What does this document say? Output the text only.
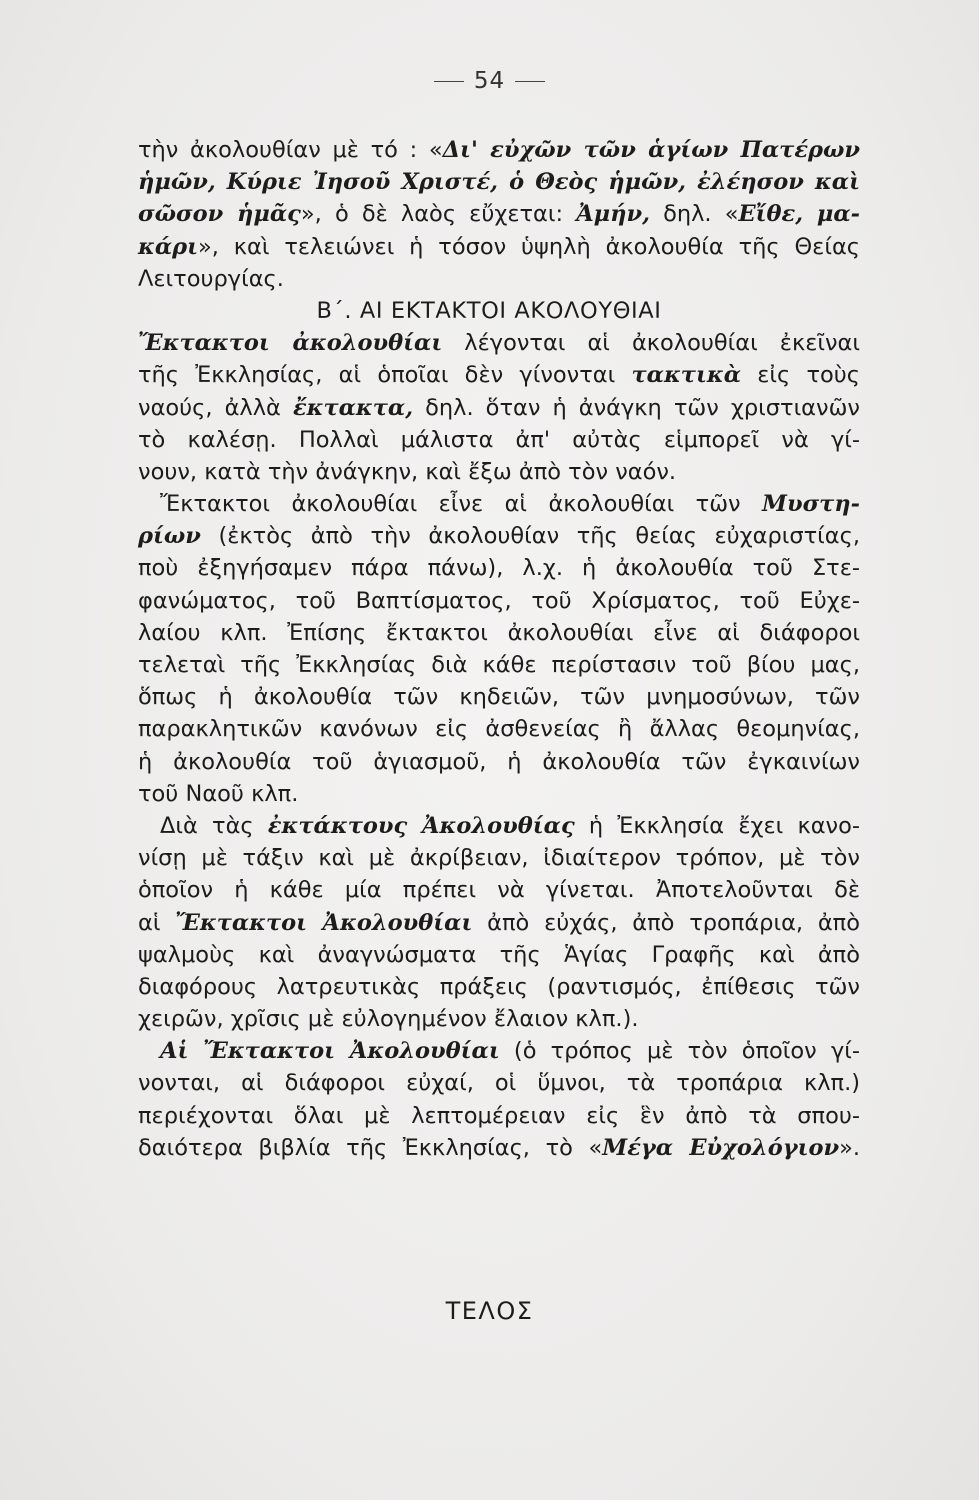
54
τὴν ἀκολουθίαν μὲ τό : «Δι' εὐχῶν τῶν ἁγίων Πατέρων
ἡμῶν, Κύριε Ἰησοῦ Χριστέ, ὁ Θεὸς ἡμῶν, ἐλέησον καὶ
σῶσον ἡμᾶς», ὁ δὲ λαὸς εὔχεται: Ἀμήν, δηλ. «Εἴθε, μα-
κάρι», καὶ τελειώνει ἡ τόσον ὑψηλὴ ἀκολουθία τῆς Θείας
Λειτουργίας.
Β΄. ΑΙ ΕΚΤΑΚΤΟΙ ΑΚΟΛΟΥΘΙΑΙ
Ἔκτακτοι ἀκολουθίαι λέγονται αἱ ἀκολουθίαι ἐκεῖναι
τῆς Ἐκκλησίας, αἱ ὁποῖαι δὲν γίνονται τακτικὰ εἰς τοὺς
ναούς, ἀλλὰ ἔκτακτα, δηλ. ὅταν ἡ ἀνάγκη τῶν χριστιανῶν
τὸ καλέσῃ. Πολλαὶ μάλιστα ἀπ' αὐτὰς εἱμπορεῖ νὰ γί-
νουν, κατὰ τὴν ἀνάγκην, καὶ ἔξω ἀπὸ τὸν ναόν.
Ἔκτακτοι ἀκολουθίαι εἶνε αἱ ἀκολουθίαι τῶν Μυστη-
ρίων (ἐκτὸς ἀπὸ τὴν ἀκολουθίαν τῆς θείας εὐχαριστίας,
ποὺ ἐξηγήσαμεν πάρα πάνω), λ.χ. ἡ ἀκολουθία τοῦ Στε-
φανώματος, τοῦ Βαπτίσματος, τοῦ Χρίσματος, τοῦ Εὐχε-
λαίου κλπ. Ἐπίσης ἔκτακτοι ἀκολουθίαι εἶνε αἱ διάφοροι
τελεταὶ τῆς Ἐκκλησίας διὰ κάθε περίστασιν τοῦ βίου μας,
ὅπως ἡ ἀκολουθία τῶν κηδειῶν, τῶν μνημοσύνων, τῶν
παρακλητικῶν κανόνων εἰς ἀσθενείας ἢ ἄλλας θεομηνίας,
ἡ ἀκολουθία τοῦ ἁγιασμοῦ, ἡ ἀκολουθία τῶν ἐγκαινίων
τοῦ Ναοῦ κλπ.
Διὰ τὰς ἐκτάκτους Ἀκολουθίας ἡ Ἐκκλησία ἔχει κανο-
νίσῃ μὲ τάξιν καὶ μὲ ἀκρίβειαν, ἰδιαίτερον τρόπον, μὲ τὸν
ὁποῖον ἡ κάθε μία πρέπει νὰ γίνεται. Ἀποτελοῦνται δὲ
αἱ Ἔκτακτοι Ἀκολουθίαι ἀπὸ εὐχάς, ἀπὸ τροπάρια, ἀπὸ
ψαλμοὺς καὶ ἀναγνώσματα τῆς Ἁγίας Γραφῆς καὶ ἀπὸ
διαφόρους λατρευτικὰς πράξεις (ραντισμός, ἐπίθεσις τῶν
χειρῶν, χρῖσις μὲ εὐλογημένον ἔλαιον κλπ.).
Αἱ Ἔκτακτοι Ἀκολουθίαι (ὁ τρόπος μὲ τὸν ὁποῖον γί-
νονται, αἱ διάφοροι εὐχαί, οἱ ὕμνοι, τὰ τροπάρια κλπ.)
περιέχονται ὅλαι μὲ λεπτομέρειαν εἰς ἓν ἀπὸ τὰ σπου-
δαιότερα βιβλία τῆς Ἐκκλησίας, τὸ «Μέγα Εὐχολόγιον».
ΤΕΛΟΣ
